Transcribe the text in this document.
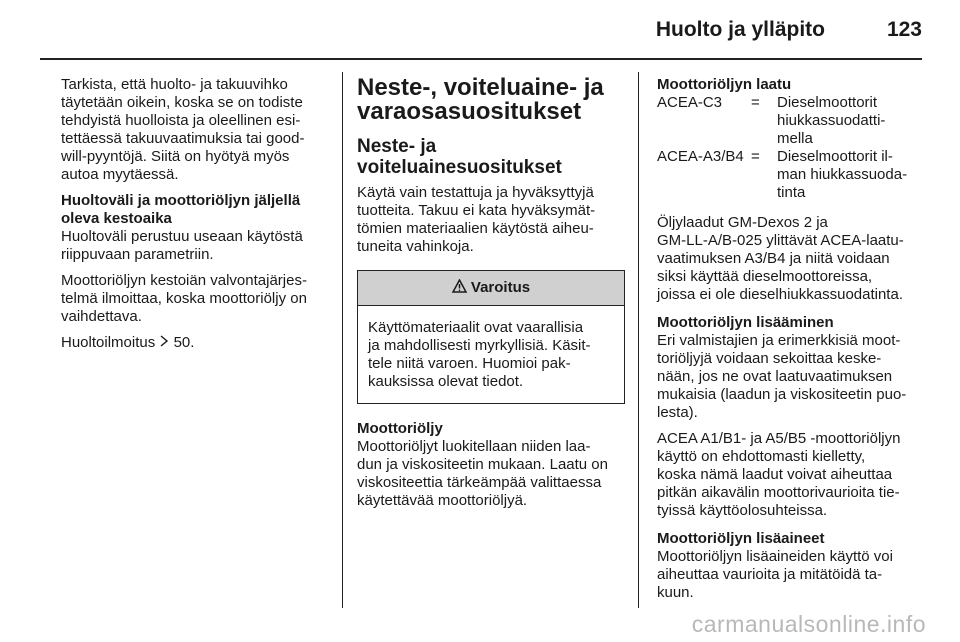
Huolto ja ylläpito	123

Tarkista, että huolto- ja takuuvihko
täytetään oikein, koska se on todiste
tehdyistä huolloista ja oleellinen esi-
tettäessä takuuvaatimuksia tai good-
will-pyyntöjä. Siitä on hyötyä myös
autoa myytäessä.

Huoltoväli ja moottoriöljyn jäljellä
oleva kestoaika

Huoltoväli perustuu useaan käytöstä
riippuvaan parametriin.

Moottoriöljyn kestoiän valvontajärjes-
telmä ilmoittaa, koska moottoriöljy on
vaihdettava.

Huoltoilmoitus 50.

Neste-, voiteluaine- ja
varaosasuositukset
Neste- ja
voiteluainesuositukset

Käytä vain testattuja ja hyväksyttyjä
tuotteita. Takuu ei kata hyväksymät-
tömien materiaalien käytöstä aiheu-
tuneita vahinkoja.

Varoitus
Käyttömateriaalit ovat vaarallisia
ja mahdollisesti myrkyllisiä. Käsit-
tele niitä varoen. Huomioi pak-
kauksissa olevat tiedot.
Moottoriöljy

Moottoriöljyt luokitellaan niiden laa-
dun ja viskositeetin mukaan. Laatu on
viskositeettia tärkeämpää valittaessa
käytettävää moottoriöljyä.

Moottoriöljyn laatu
ACEA-C3	=	Dieselmoottorit
hiukkassuodatti-
mella
ACEA-A3/B4 =	Dieselmoottorit il-
man hiukkassuoda-
tinta

Öljylaadut GM-Dexos 2 ja
GM-LL-A/B-025 ylittävät ACEA-laatu-
vaatimuksen A3/B4 ja niitä voidaan
siksi käyttää dieselmoottoreissa,
joissa ei ole dieselhiukkassuodatinta.

Moottoriöljyn lisääminen

Eri valmistajien ja erimerkkisiä moot-
toriöljyjä voidaan sekoittaa keske-
nään, jos ne ovat laatuvaatimuksen
mukaisia (laadun ja viskositeetin puo-
lesta).

ACEA A1/B1- ja A5/B5 -moottoriöljyn
käyttö on ehdottomasti kielletty,
koska nämä laadut voivat aiheuttaa
pitkän aikavälin moottorivaurioita tie-
tyissä käyttöolosuhteissa.

Moottoriöljyn lisäaineet

Moottoriöljyn lisäaineiden käyttö voi
aiheuttaa vaurioita ja mitätöidä ta-
kuun.

carmanualsonline.info
